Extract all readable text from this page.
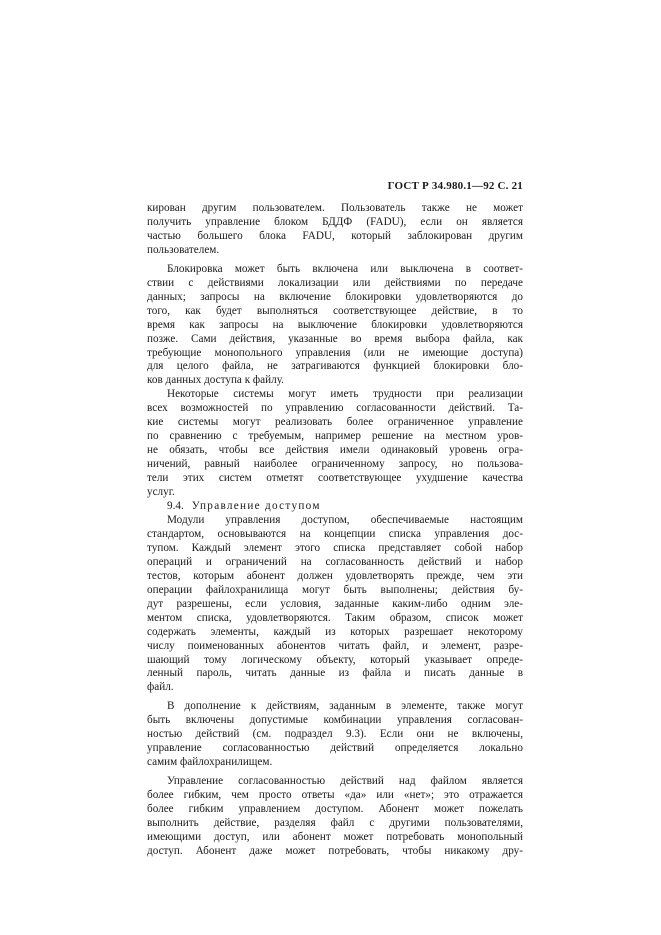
ГОСТ Р 34.980.1—92 С. 21

кирован другим пользователем. Пользователь также не может

получить управление блоком БДДФ (FADU), если он является

частью большего блока FADU, который заблокирован другим

пользователем.

Блокировка может быть включена или выключена в соответ-

ствии с действиями локализации или действиями по передаче

данных; запросы на включение блокировки удовлетворяются до

того, как будет выполняться соответствующее действие, в то

время как запросы на выключение блокировки удовлетворяются

позже. Сами действия, указанные во время выбора файла, как

требующие монопольного управления (или не имеющие доступа)

для целого файла, не затрагиваются функцией блокировки бло-

ков данных доступа к файлу.

Некоторые системы могут иметь трудности при реализации

всех возможностей по управлению согласованности действий. Та-

кие системы могут реализовать более ограниченное управление

по сравнению с требуемым, например решение на местном уров-

не обязать, чтобы все действия имели одинаковый уровень огра-

ничений, равный наиболее ограниченному запросу, но пользова-

тели этих систем отметят соответствующее ухудшение качества

услуг.

9.4. Управление доступом

Модули управления доступом, обеспечиваемые настоящим

стандартом, основываются на концепции списка управления дос-

тупом. Каждый элемент этого списка представляет собой набор

операций и ограничений на согласованность действий и набор

тестов, которым абонент должен удовлетворять прежде, чем эти

операции файлохранилища могут быть выполнены; действия бу-

дут разрешены, если условия, заданные каким-либо одним эле-

ментом списка, удовлетворяются. Таким образом, список может

содержать элементы, каждый из которых разрешает некоторому

числу поименованных абонентов читать файл, и элемент, разре-

шающий тому логическому объекту, который указывает опреде-

ленный пароль, читать данные из файла и писать данные в

файл.

В дополнение к действиям, заданным в элементе, также могут

быть включены допустимые комбинации управления согласован-

ностью действий (см. подраздел 9.3). Если они не включены,

управление согласованностью действий определяется локально

самим файлохранилищем.

Управление согласованностью действий над файлом является

более гибким, чем просто ответы «да» или «нет»; это отражается

более гибким управлением доступом. Абонент может пожелать

выполнить действие, разделяя файл с другими пользователями,

имеющими доступ, или абонент может потребовать монопольный

доступ. Абонент даже может потребовать, чтобы никакому дру-
